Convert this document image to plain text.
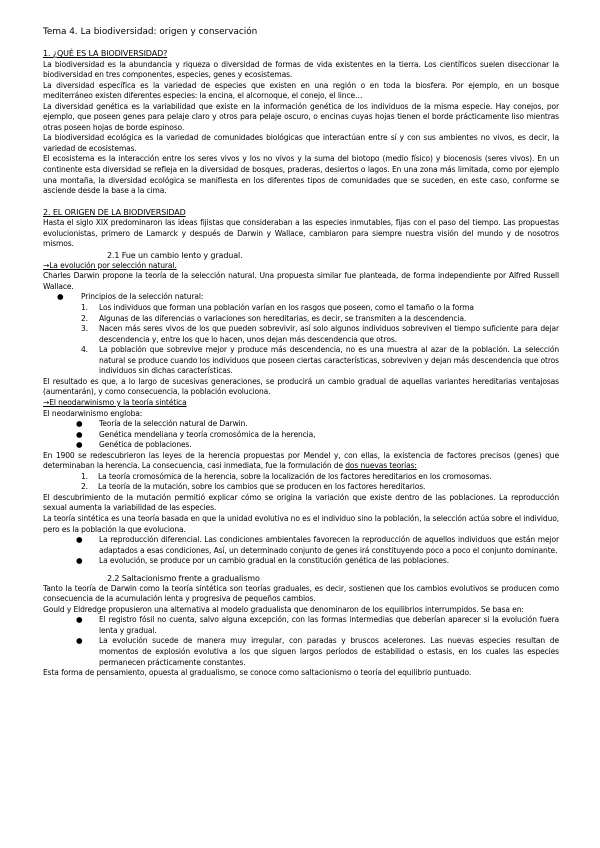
Tema 4. La biodiversidad: origen y conservación
1. ¿QUÉ ES LA BIODIVERSIDAD?

La biodiversidad es la abundancia y riqueza o diversidad de formas de vida existentes en la tierra. Los científicos suelen diseccionar la biodiversidad en tres componentes, especies, genes y ecosistemas.

La diversidad específica es la variedad de especies que existen en una región o en toda la biosfera. Por ejemplo, en un bosque mediterráneo existen diferentes especies: la encina, el alcornoque, el conejo, el lince…

La diversidad genética es la variabilidad que existe en la información genética de los individuos de la misma especie. Hay conejos, por ejemplo, que poseen genes para pelaje claro y otros para pelaje oscuro, o encinas cuyas hojas tienen el borde prácticamente liso mientras otras poseen hojas de borde espinoso.

La biodiversidad ecológica es la variedad de comunidades biológicas que interactúan entre sí y con sus ambientes no vivos, es decir, la variedad de ecosistemas.

El ecosistema es la interacción entre los seres vivos y los no vivos y la suma del biotopo (medio físico) y biocenosis (seres vivos). En un continente esta diversidad se refleja en la diversidad de bosques, praderas, desiertos o lagos. En una zona más limitada, como por ejemplo una montaña, la diversidad ecológica se manifiesta en los diferentes tipos de comunidades que se suceden, en este caso, conforme se asciende desde la base a la cima.

2. EL ORIGEN DE LA BIODIVERSIDAD

Hasta el siglo XIX predominaron las ideas fijistas que consideraban a las especies inmutables, fijas con el paso del tiempo. Las propuestas evolucionistas, primero de Lamarck y después de Darwin y Wallace, cambiaron para siempre nuestra visión del mundo y de nosotros mismos.

2.1 Fue un cambio lento y gradual.
→La evolución por selección natural.

Charles Darwin propone la teoría de la selección natural. Una propuesta similar fue planteada, de forma independiente por Alfred Russell Wallace.

●	Principios de la selección natural:
1.	Los individuos que forman una población varían en los rasgos que poseen, como el tamaño o la forma
2.	Algunas de las diferencias o variaciones son hereditarias, es decir, se transmiten a la descendencia.
3.	Nacen más seres vivos de los que pueden sobrevivir, así solo algunos individuos sobreviven el tiempo suficiente para dejar descendencia y, entre los que lo hacen, unos dejan más descendencia que otros.
4.	La población que sobrevive mejor y produce más descendencia, no es una muestra al azar de la población. La selección natural se produce cuando los individuos que poseen ciertas características, sobreviven y dejan más descendencia que otros individuos sin dichas características.

El resultado es que, a lo largo de sucesivas generaciones, se producirá un cambio gradual de aquellas variantes hereditarias ventajosas (aumentarán), y como consecuencia, la población evoluciona.

→El neodarwinismo y la teoría sintética

El neodarwinismo engloba:

●	Teoría de la selección natural de Darwin.
●	Genética mendeliana y teoría cromosómica de la herencia,
●	Genética de poblaciones.

En 1900 se redescubrieron las leyes de la herencia propuestas por Mendel y, con ellas, la existencia de factores precisos (genes) que determinaban la herencia. La consecuencia, casi inmediata, fue la formulación de dos nuevas teorías:

1.	La teoría cromosómica de la herencia, sobre la localización de los factores hereditarios en los cromosomas.
2.	La teoría de la mutación, sobre los cambios que se producen en los factores hereditarios.

El descubrimiento de la mutación permitió explicar cómo se origina la variación que existe dentro de las poblaciones. La reproducción sexual aumenta la variabilidad de las especies.

La teoría sintética es una teoría basada en que la unidad evolutiva no es el individuo sino la población, la selección actúa sobre el individuo, pero es la población la que evoluciona.

●	La reproducción diferencial. Las condiciones ambientales favorecen la reproducción de aquellos individuos que están mejor adaptados a esas condiciones, Así, un determinado conjunto de genes irá constituyendo poco a poco el conjunto dominante.
●	La evolución, se produce por un cambio gradual en la constitución genética de las poblaciones.
2.2 Saltacionismo frente a gradualismo

Tanto la teoría de Darwin como la teoría sintética son teorías graduales, es decir, sostienen que los cambios evolutivos se producen como consecuencia de la acumulación lenta y progresiva de pequeños cambios.

Gould y Eldredge propusieron una alternativa al modelo gradualista que denominaron de los equilibrios interrumpidos. Se basa en:

●	El registro fósil no cuenta, salvo alguna excepción, con las formas intermedias que deberían aparecer si la evolución fuera lenta y gradual.
●	La evolución sucede de manera muy irregular, con paradas y bruscos acelerones. Las nuevas especies resultan de momentos de explosión evolutiva a los que siguen largos períodos de estabilidad o estasis, en los cuales las especies permanecen prácticamente constantes.

Esta forma de pensamiento, opuesta al gradualismo, se conoce como saltacionismo o teoría del equilibrio puntuado.
